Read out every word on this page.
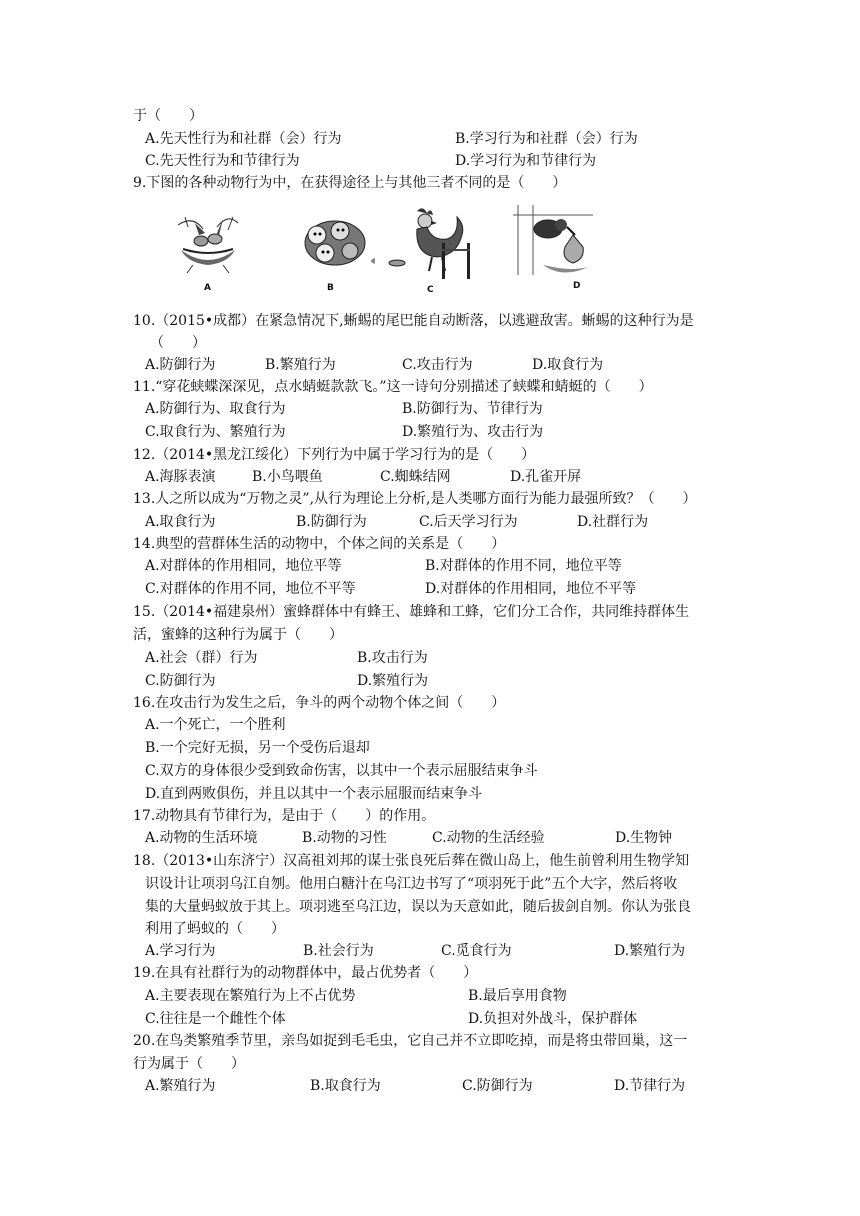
于（　　）
A.先天性行为和社群（会）行为	B.学习行为和社群（会）行为
C.先天性行为和节律行为	D.学习行为和节律行为
9.下图的各种动物行为中，在获得途径上与其他三者不同的是（　　）
A	B	C	D
10.（2015•成都）在紧急情况下,蜥蜴的尾巴能自动断落，以逃避敌害。蜥蜴的这种行为是
（　　）
A.防御行为	B.繁殖行为	C.攻击行为	D.取食行为
11.“穿花蛱蝶深深见，点水蜻蜓款款飞。”这一诗句分别描述了蛱蝶和蜻蜓的（　　）
A.防御行为、取食行为	B.防御行为、节律行为
C.取食行为、繁殖行为	D.繁殖行为、攻击行为
12.（2014•黑龙江绥化）下列行为中属于学习行为的是（　　）
A.海豚表演	B.小鸟喂鱼	C.蜘蛛结网	D.孔雀开屏
13.人之所以成为“万物之灵”,从行为理论上分析,是人类哪方面行为能力最强所致？（　　）
A.取食行为	B.防御行为	C.后天学习行为	D.社群行为
14.典型的营群体生活的动物中，个体之间的关系是（　　）
A.对群体的作用相同，地位平等	B.对群体的作用不同，地位平等
C.对群体的作用不同，地位不平等	D.对群体的作用相同，地位不平等
15.（2014•福建泉州）蜜蜂群体中有蜂王、雄蜂和工蜂，它们分工合作，共同维持群体生
活，蜜蜂的这种行为属于（　　）
A.社会（群）行为	B.攻击行为
C.防御行为	D.繁殖行为
16.在攻击行为发生之后，争斗的两个动物个体之间（　　）
A.一个死亡，一个胜利
B.一个完好无损，另一个受伤后退却
C.双方的身体很少受到致命伤害，以其中一个表示屈服结束争斗
D.直到两败俱伤，并且以其中一个表示屈服而结束争斗
17.动物具有节律行为，是由于（　　）的作用。
A.动物的生活环境	B.动物的习性	C.动物的生活经验	D.生物钟
18.（2013•山东济宁）汉高祖刘邦的谋士张良死后葬在微山岛上，他生前曾利用生物学知
识设计让项羽乌江自刎。他用白糖汁在乌江边书写了“项羽死于此”五个大字，然后将收
集的大量蚂蚁放于其上。项羽逃至乌江边，误以为天意如此，随后拔剑自刎。你认为张良
利用了蚂蚁的（　　）
A.学习行为	B.社会行为	C.觅食行为	D.繁殖行为
19.在具有社群行为的动物群体中，最占优势者（　　）
A.主要表现在繁殖行为上不占优势	B.最后享用食物
C.往往是一个雌性个体	D.负担对外战斗，保护群体
20.在鸟类繁殖季节里，亲鸟如捉到毛毛虫，它自己并不立即吃掉，而是将虫带回巢，这一
行为属于（　　）
A.繁殖行为	B.取食行为	C.防御行为	D.节律行为
